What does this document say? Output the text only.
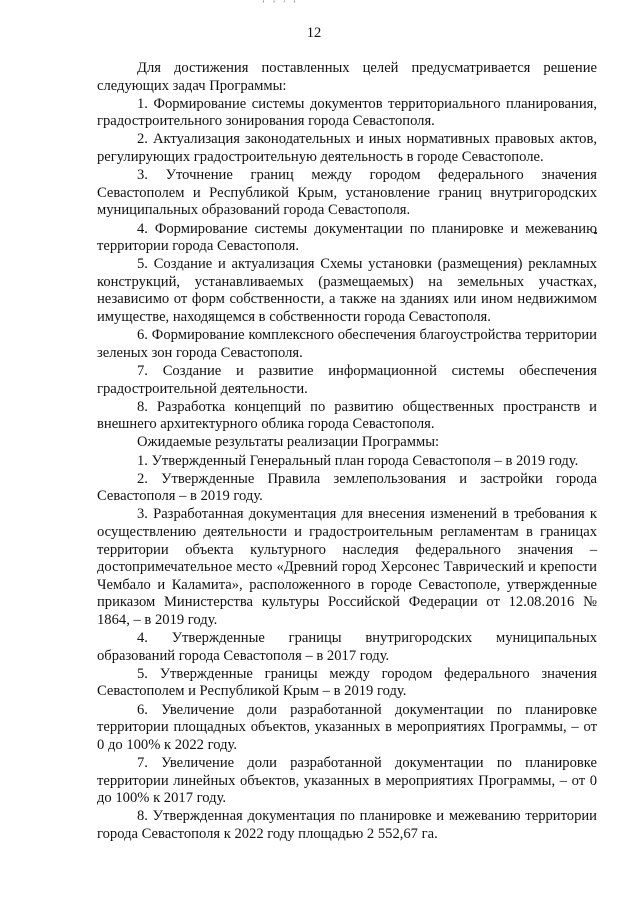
ʼ ʼ ʹ ʼ
12

Для достижения поставленных целей предусматривается решение следующих задач Программы:

1. Формирование системы документов территориального планирования, градостроительного зонирования города Севастополя.

2. Актуализация законодательных и иных нормативных правовых актов, регулирующих градостроительную деятельность в городе Севастополе.

3. Уточнение границ между городом федерального значения Севастополем и Республикой Крым, установление границ внутригородских муниципальных образований города Севастополя.

4. Формирование системы документации по планировке и межеванию территории города Севастополя.

5. Создание и актуализация Схемы установки (размещения) рекламных конструкций, устанавливаемых (размещаемых) на земельных участках, независимо от форм собственности, а также на зданиях или ином недвижимом имуществе, находящемся в собственности города Севастополя.

6. Формирование комплексного обеспечения благоустройства территории зеленых зон города Севастополя.

7. Создание и развитие информационной системы обеспечения градостроительной деятельности.

8. Разработка концепций по развитию общественных пространств и внешнего архитектурного облика города Севастополя.

Ожидаемые результаты реализации Программы:

1. Утвержденный Генеральный план города Севастополя – в 2019 году.

2. Утвержденные Правила землепользования и застройки города Севастополя – в 2019 году.

3. Разработанная документация для внесения изменений в требования к осуществлению деятельности и градостроительным регламентам в границах территории объекта культурного наследия федерального значения – достопримечательное место «Древний город Херсонес Таврический и крепости Чембало и Каламита», расположенного в городе Севастополе, утвержденные приказом Министерства культуры Российской Федерации от 12.08.2016 № 1864, – в 2019 году.

4. Утвержденные границы внутригородских муниципальных образований города Севастополя – в 2017 году.

5. Утвержденные границы между городом федерального значения Севастополем и Республикой Крым – в 2019 году.

6. Увеличение доли разработанной документации по планировке территории площадных объектов, указанных в мероприятиях Программы, – от 0 до 100% к 2022 году.

7. Увеличение доли разработанной документации по планировке территории линейных объектов, указанных в мероприятиях Программы, – от 0 до 100% к 2017 году.

8. Утвержденная документация по планировке и межеванию территории города Севастополя к 2022 году площадью 2 552,67 га.
